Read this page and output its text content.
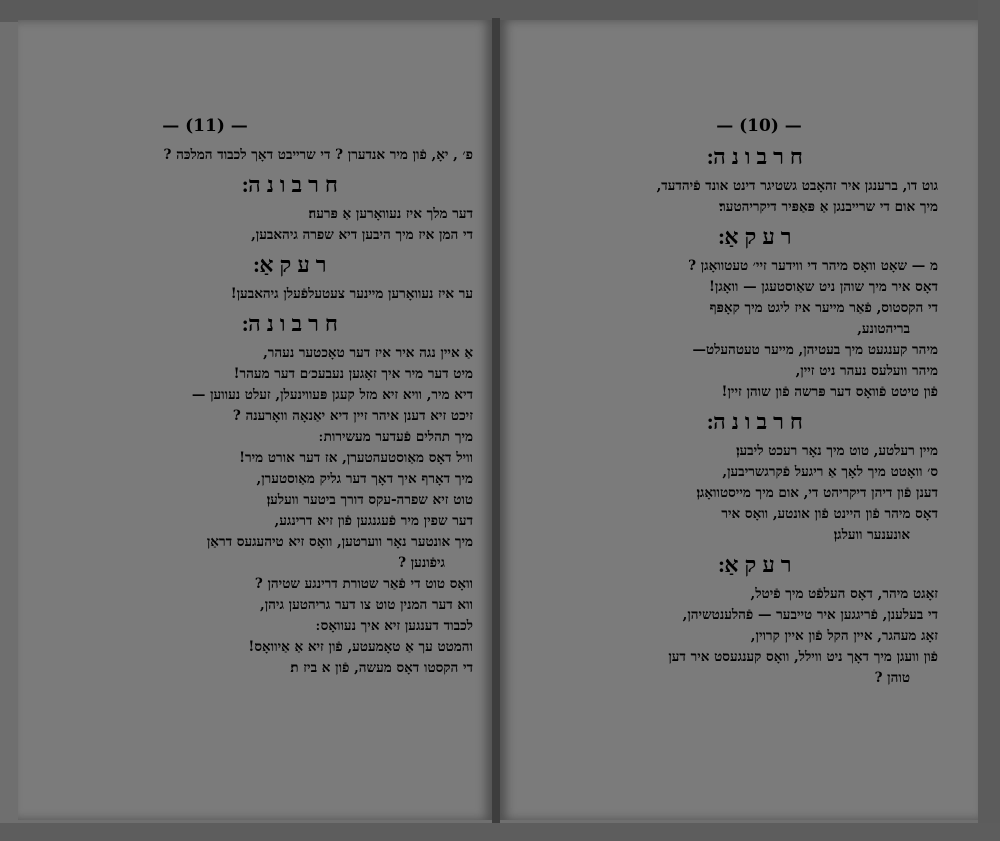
— (11) —
פ׳ , יאָ, פֿון מיר אנדערן ? די שרייבט דאָך לכבוד המלכּה ?
חרבונה׃
דער מלך איז נעוואָרען אַ פּרעה׃
די המן איז מיך היבען דיא שפרה גיהאבען,
רעקאַ׃
ער איז נעוואָרען מיינער צעטעלפֿעלן גיהאבען!
חרבונה׃
אַ איין נגה איר איז דער טאָכטער נעהר,
מיט דער מיר איך זאָגען נעבעכ׳ם דער מעהר!
דיא מיר, וויא זיא מזל קעגן פּעווינעלן, זעלט נעווען —
זיכט זיא דענן איהר זיין דיא יאַנאָה וואָרענה ?
מיך תהלים פֿעדער מעשירות ׃
וויל דאָס מאַוסטעהטערן, אז דער אורט מיר!
מיך דאָרף איך דאָך דער גליק מאַוסטערן,
טוט זיא שפרה-עקס דורך ביטער וועלען׃
דער שפין מיר פֿעגנגען פֿון זיא דרינגע,
מיך אונטער נאָר ווערטען, וואָס זיא טיהעגעס דראַן
גיפֿונען ?
וואָס טוט די פֿאַר שטורת דרינגע שטיהן ?
ווא דער המנין טוט צו דער גריהטען גיהן,
לכבוד דענגען זיא איך נעוואָס ׃
והמטט עך אַ טאָמעטע, פֿון זיא אַ אַיוואָס!
די הקסטו דאָס מעשה, פֿון א ביז ת׃
— (10) —
חרבונה׃
גוט דו, ברענגן איר זהאָבט גשטיגר דינט אונד פֿיהדעד,
מיך אום די שרייבנגן אַ פּאַפּיר דיקריהטער׃
רעקאַ׃
מ — שאָט וואָס מיהר די ווידער זיי׳ טעטוואָגן ?
דאָס איר מיך שוהן ניט שאַוסטעגן — וואָגן!
די הקסטוס, פֿאַר מייער איז ליגט מיך קאָפּף
בריהטונע,
מיהר קענגעט מיך בעטיהן, מייער טעטהעלט—
מיהר וועלעס נעהר ניט זיין,
פֿון טיטט פֿוואָס דער פּרשה פֿון שוהן זיין!
חרבונה׃
מיין רעלטע, טוט מיך נאָר רעכט ליבען׃
ס׳ וואָטט מיך לאָך אַ ריגעל פֿקרגשריבען,
דענן פֿון דיהן דיקריהט די, אום מיך מייסטוואָגן׃
דאָס מיהר פֿון היינט פֿון אונטע, וואָס איר
אונענער וועלגן׃
רעקאַ׃
זאָגט מיהר, דאָס העלפֿט מיך פֿיטל,
די בעלענן, פֿריגגען איר טייבער — פֿהלענטשיהן,
זאָג מעהגר, איין הקל פֿון איין קרוין,
פֿון וועגן מיך דאָך ניט ווילל, וואָס קענגעסט איר דען
טוהן ?
